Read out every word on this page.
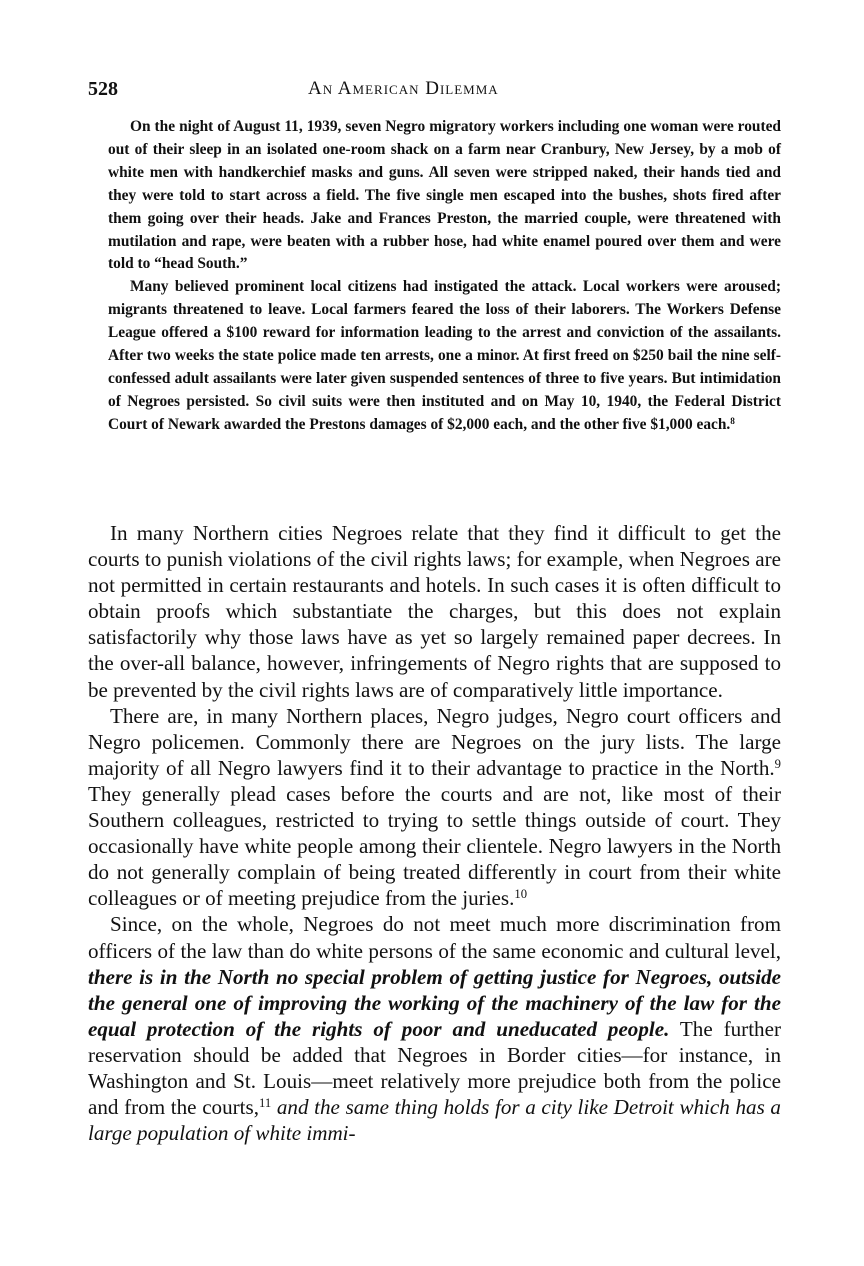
528	An American Dilemma

On the night of August 11, 1939, seven Negro migratory workers including one woman were routed out of their sleep in an isolated one-room shack on a farm near Cranbury, New Jersey, by a mob of white men with handkerchief masks and guns. All seven were stripped naked, their hands tied and they were told to start across a field. The five single men escaped into the bushes, shots fired after them going over their heads. Jake and Frances Preston, the married couple, were threatened with mutilation and rape, were beaten with a rubber hose, had white enamel poured over them and were told to “head South.”

Many believed prominent local citizens had instigated the attack. Local workers were aroused; migrants threatened to leave. Local farmers feared the loss of their laborers. The Workers Defense League offered a $100 reward for information leading to the arrest and conviction of the assailants. After two weeks the state police made ten arrests, one a minor. At first freed on $250 bail the nine self-confessed adult assailants were later given suspended sentences of three to five years. But intimidation of Negroes persisted. So civil suits were then instituted and on May 10, 1940, the Federal District Court of Newark awarded the Prestons damages of $2,000 each, and the other five $1,000 each.$^8$

In many Northern cities Negroes relate that they find it difficult to get the courts to punish violations of the civil rights laws; for example, when Negroes are not permitted in certain restaurants and hotels. In such cases it is often difficult to obtain proofs which substantiate the charges, but this does not explain satisfactorily why those laws have as yet so largely remained paper decrees. In the over-all balance, however, infringements of Negro rights that are supposed to be prevented by the civil rights laws are of comparatively little importance.

There are, in many Northern places, Negro judges, Negro court officers and Negro policemen. Commonly there are Negroes on the jury lists. The large majority of all Negro lawyers find it to their advantage to practice in the North.$^9$ They generally plead cases before the courts and are not, like most of their Southern colleagues, restricted to trying to settle things outside of court. They occasionally have white people among their clientele. Negro lawyers in the North do not generally complain of being treated differently in court from their white colleagues or of meeting prejudice from the juries.$^{10}$

Since, on the whole, Negroes do not meet much more discrimination from officers of the law than do white persons of the same economic and cultural level, there is in the North no special problem of getting justice for Negroes, outside the general one of improving the working of the machinery of the law for the equal protection of the rights of poor and uneducated people. The further reservation should be added that Negroes in Border cities—for instance, in Washington and St. Louis—meet relatively more prejudice both from the police and from the courts,$^{11}$ and the same thing holds for a city like Detroit which has a large population of white immi-
